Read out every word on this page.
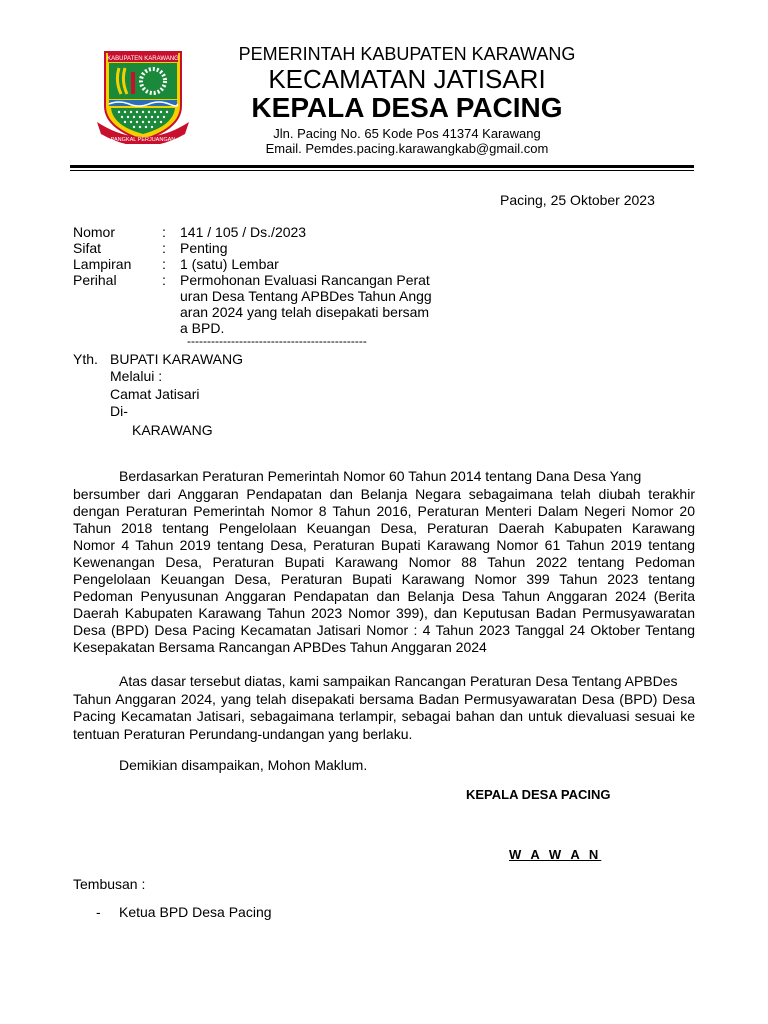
KABUPATEN KARAWANG
PANGKAL PERJUANGAN
PEMERINTAH KABUPATEN KARAWANG
KECAMATAN JATISARI
KEPALA DESA PACING
Jln. Pacing No. 65 Kode Pos 41374 Karawang
Email. Pemdes.pacing.karawangkab@gmail.com
Pacing, 25 Oktober 2023
Nomor	: 141 / 105 / Ds./2023
Sifat	: Penting
Lampiran : 1 (satu) Lembar
Perihal	: Permohonan Evaluasi Rancangan Perat
uran Desa Tentang APBDes Tahun Angg
aran 2024 yang telah disepakati bersam
a BPD.
---------------------------------------------
Yth. BUPATI KARAWANG
Melalui :
Camat Jatisari
Di-
KARAWANG
Berdasarkan Peraturan Pemerintah Nomor 60 Tahun 2014 tentang Dana Desa Yang
bersumber dari Anggaran Pendapatan dan Belanja Negara sebagaimana telah diubah terakhir
dengan Peraturan Pemerintah Nomor 8 Tahun 2016, Peraturan Menteri Dalam Negeri Nomor 20
Tahun 2018 tentang Pengelolaan Keuangan Desa, Peraturan Daerah Kabupaten Karawang
Nomor 4 Tahun 2019 tentang Desa, Peraturan Bupati Karawang Nomor 61 Tahun 2019 tentang
Kewenangan Desa, Peraturan Bupati Karawang Nomor 88 Tahun 2022 tentang Pedoman
Pengelolaan Keuangan Desa, Peraturan Bupati Karawang Nomor 399 Tahun 2023 tentang
Pedoman Penyusunan Anggaran Pendapatan dan Belanja Desa Tahun Anggaran 2024 (Berita
Daerah Kabupaten Karawang Tahun 2023 Nomor 399), dan Keputusan Badan Permusyawaratan
Desa (BPD) Desa Pacing Kecamatan Jatisari Nomor : 4 Tahun 2023 Tanggal 24 Oktober Tentang
Kesepakatan Bersama Rancangan APBDes Tahun Anggaran 2024
Atas dasar tersebut diatas, kami sampaikan Rancangan Peraturan Desa Tentang APBDes
Tahun Anggaran 2024, yang telah disepakati bersama Badan Permusyawaratan Desa (BPD) Desa
Pacing Kecamatan Jatisari, sebagaimana terlampir, sebagai bahan dan untuk dievaluasi sesuai ke
tentuan Peraturan Perundang-undangan yang berlaku.
Demikian disampaikan, Mohon Maklum.
KEPALA DESA PACING
W A W A N
Tembusan :
- Ketua BPD Desa Pacing
